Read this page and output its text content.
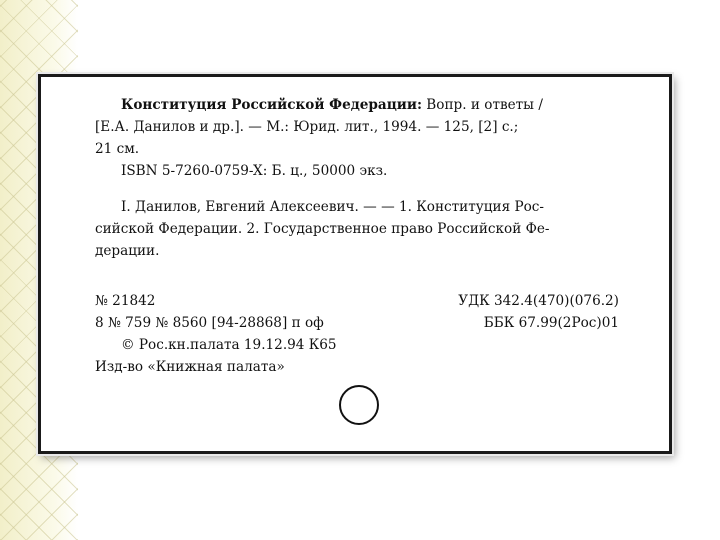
Конституция Российской Федерации: Вопр. и ответы /
[Е.А. Данилов и др.]. — М.: Юрид. лит., 1994. — 125, [2] с.;
21 см.
ISBN 5-7260-0759-X: Б. ц., 50000 экз.
I. Данилов, Евгений Алексеевич. — — 1. Конституция Рос-
сийской Федерации. 2. Государственное право Российской Фе-
дерации.
№ 21842	УДК 342.4(470)(076.2)
8 № 759 № 8560 [94-28868] п оф	ББК 67.99(2Рос)01
© Рос.кн.палата 19.12.94 К65
Изд-во «Книжная палата»
